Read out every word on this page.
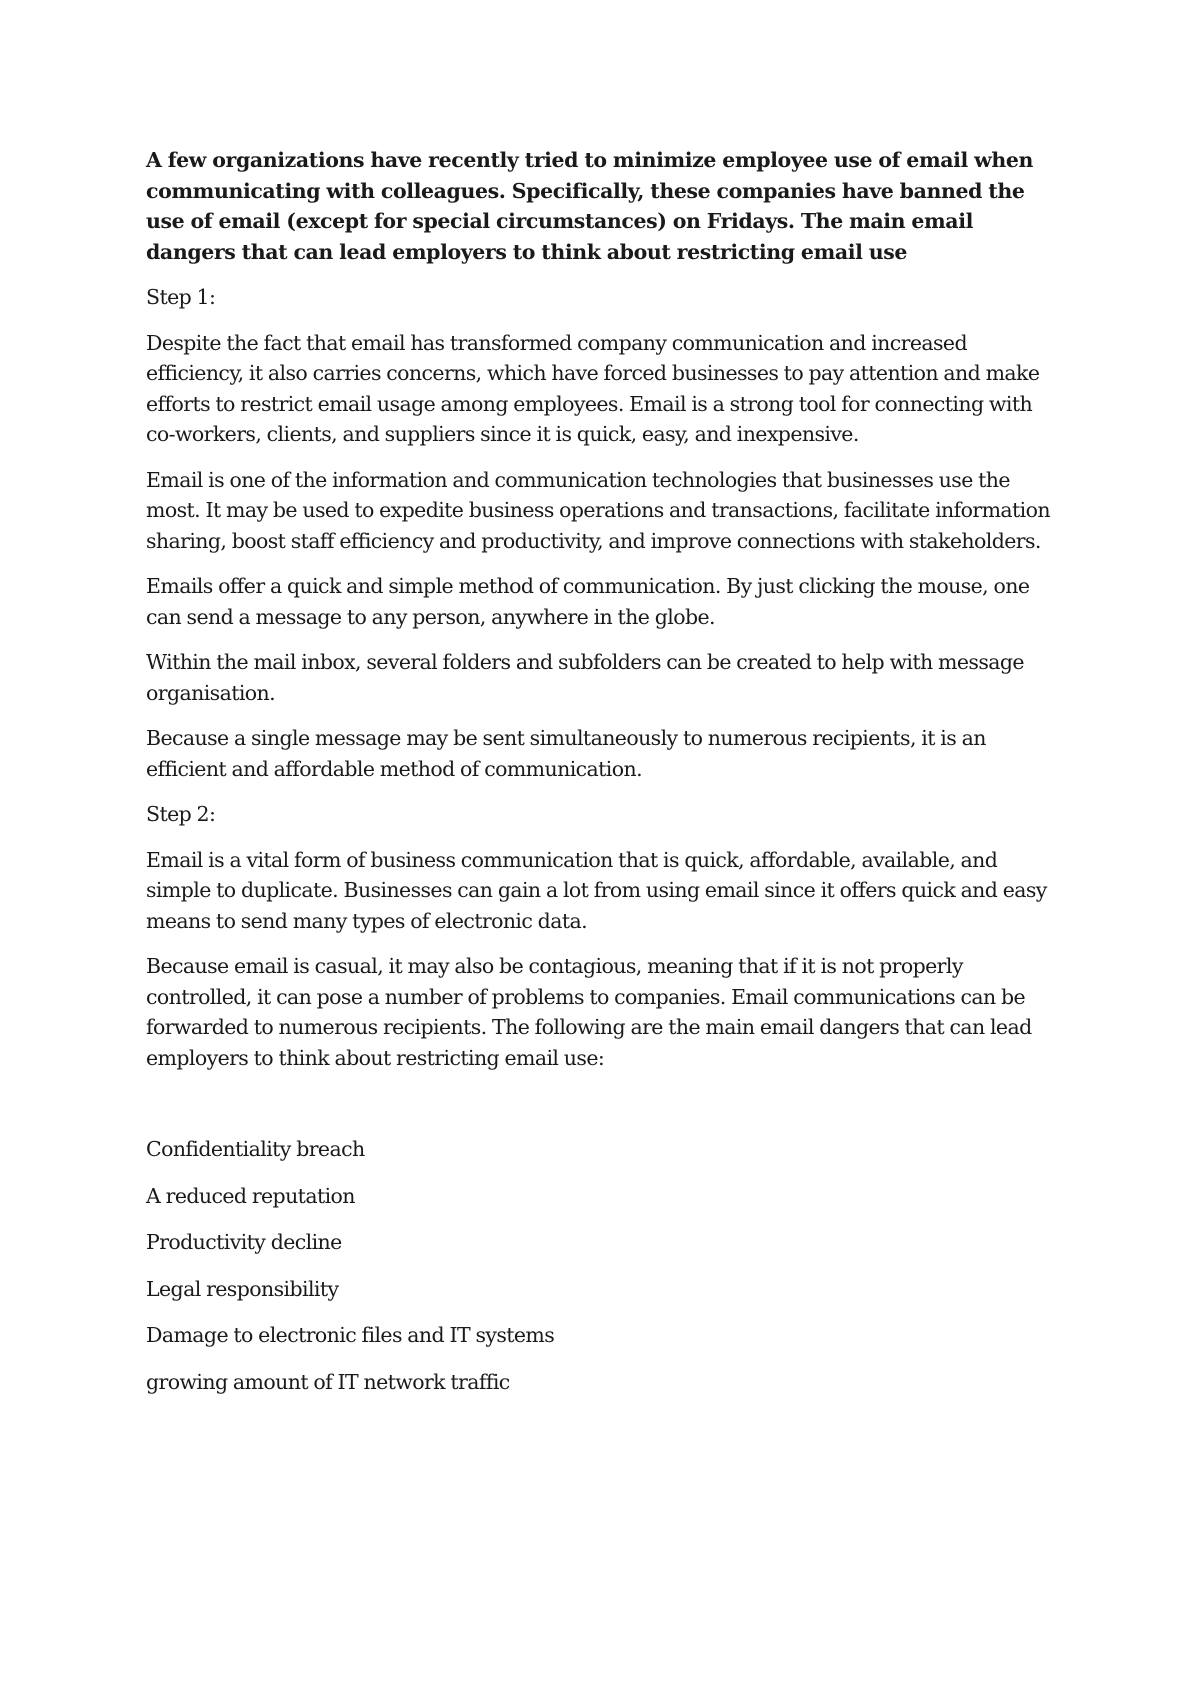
A few organizations have recently tried to minimize employee use of email when communicating with colleagues. Specifically, these companies have banned the use of email (except for special circumstances) on Fridays. The main email dangers that can lead employers to think about restricting email use

Step 1:

Despite the fact that email has transformed company communication and increased efficiency, it also carries concerns, which have forced businesses to pay attention and make efforts to restrict email usage among employees. Email is a strong tool for connecting with co-workers, clients, and suppliers since it is quick, easy, and inexpensive.

Email is one of the information and communication technologies that businesses use the most. It may be used to expedite business operations and transactions, facilitate information sharing, boost staff efficiency and productivity, and improve connections with stakeholders.

Emails offer a quick and simple method of communication. By just clicking the mouse, one can send a message to any person, anywhere in the globe.

Within the mail inbox, several folders and subfolders can be created to help with message organisation.

Because a single message may be sent simultaneously to numerous recipients, it is an efficient and affordable method of communication.

Step 2:

Email is a vital form of business communication that is quick, affordable, available, and simple to duplicate. Businesses can gain a lot from using email since it offers quick and easy means to send many types of electronic data.

Because email is casual, it may also be contagious, meaning that if it is not properly controlled, it can pose a number of problems to companies. Email communications can be forwarded to numerous recipients. The following are the main email dangers that can lead employers to think about restricting email use:

Confidentiality breach

A reduced reputation

Productivity decline

Legal responsibility

Damage to electronic files and IT systems

growing amount of IT network traffic
